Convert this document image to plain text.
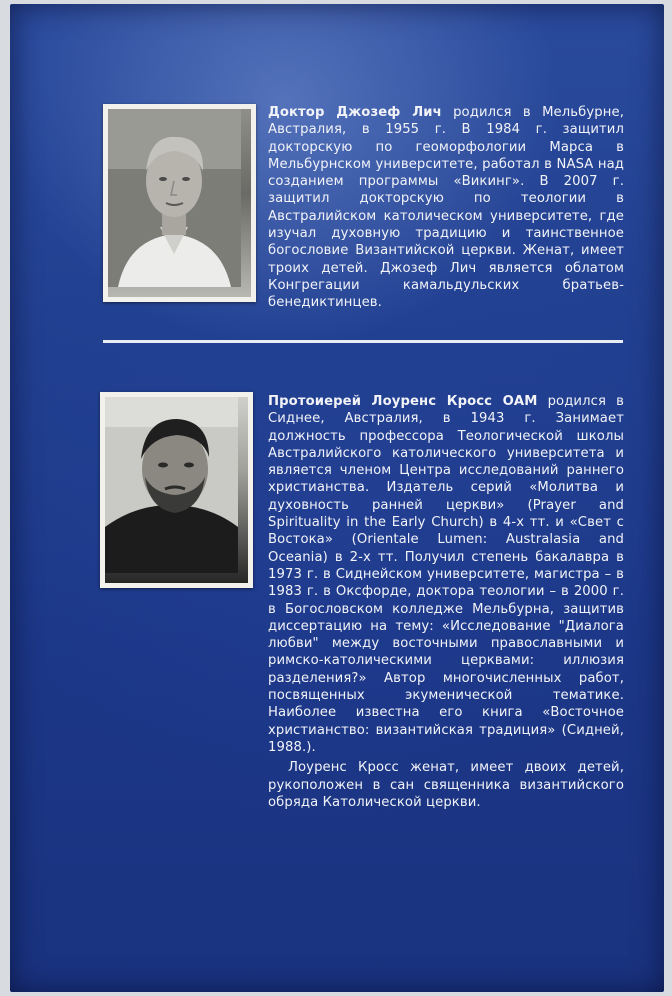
Доктор Джозеф Лич родился в Мельбурне, Австралия, в 1955 г. В 1984 г. защитил докторскую по геоморфологии Марса в Мельбурнском университете, работал в NASA над созданием программы «Викинг». В 2007 г. защитил докторскую по теологии в Австралийском католическом университете, где изучал духовную традицию и таинственное богословие Византийской церкви. Женат, имеет троих детей. Джозеф Лич является облатом Конгрегации камальдульских братьев-бенедиктинцев.

Протоиерей Лоуренс Кросс ОАМ родился в Сиднее, Австралия, в 1943 г. Занимает должность профессора Теологической школы Австралийского католического университета и является членом Центра исследований раннего христианства. Издатель серий «Молитва и духовность ранней церкви» (Prayer and Spirituality in the Early Church) в 4-х тт. и «Свет с Востока» (Orientale Lumen: Australasia and Oceania) в 2-х тт. Получил степень бакалавра в 1973 г. в Сиднейском университете, магистра – в 1983 г. в Оксфорде, доктора теологии – в 2000 г. в Богословском колледже Мельбурна, защитив диссертацию на тему: «Исследование "Диалога любви" между восточными православными и римско-католическими церквами: иллюзия разделения?» Автор многочисленных работ, посвященных экуменической тематике. Наиболее известна его книга «Восточное христианство: византийская традиция» (Сидней, 1988.).

Лоуренс Кросс женат, имеет двоих детей, рукоположен в сан священника византийского обряда Католической церкви.
